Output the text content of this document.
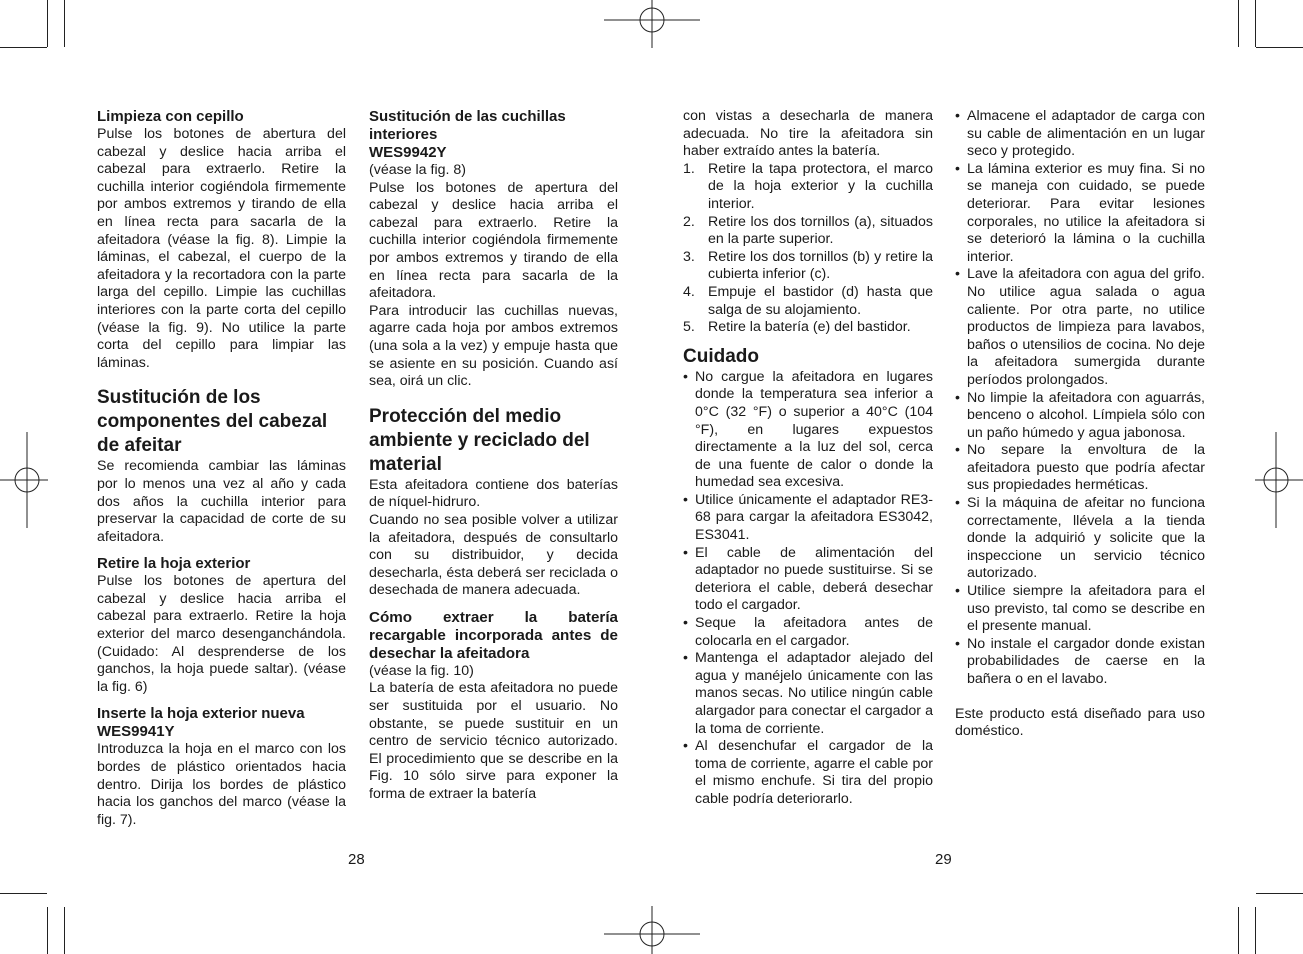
Limpieza con cepillo

Pulse los botones de abertura del cabezal y deslice hacia arriba el cabezal para extraerlo. Retire la cuchilla interior cogiéndola firmemente por ambos extremos y tirando de ella en línea recta para sacarla de la afeitadora (véase la fig. 8). Limpie la láminas, el cabezal, el cuerpo de la afeitadora y la recortadora con la parte larga del cepillo. Limpie las cuchillas interiores con la parte corta del cepillo (véase la fig. 9). No utilice la parte corta del cepillo para limpiar las láminas.

Sustitución de los componentes del cabezal de afeitar

Se recomienda cambiar las láminas por lo menos una vez al año y cada dos años la cuchilla interior para preservar la capacidad de corte de su afeitadora.

Retire la hoja exterior

Pulse los botones de apertura del cabezal y deslice hacia arriba el cabezal para extraerlo. Retire la hoja exterior del marco desenganchándola. (Cuidado: Al desprenderse de los ganchos, la hoja puede saltar). (véase la fig. 6)

Inserte la hoja exterior nueva
WES9941Y

Introduzca la hoja en el marco con los bordes de plástico orientados hacia dentro. Dirija los bordes de plástico hacia los ganchos del marco (véase la fig. 7).

Sustitución de las cuchillas interiores
WES9942Y

(véase la fig. 8)

Pulse los botones de apertura del cabezal y deslice hacia arriba el cabezal para extraerlo. Retire la cuchilla interior cogiéndola firmemente por ambos extremos y tirando de ella en línea recta para sacarla de la afeitadora.

Para introducir las cuchillas nuevas, agarre cada hoja por ambos extremos (una sola a la vez) y empuje hasta que se asiente en su posición. Cuando así sea, oirá un clic.

Protección del medio ambiente y reciclado del material

Esta afeitadora contiene dos baterías de níquel-hidruro.

Cuando no sea posible volver a utilizar la afeitadora, después de consultarlo con su distribuidor, y decida desecharla, ésta deberá ser reciclada o desechada de manera adecuada.

Cómo extraer la batería recargable incorporada antes de desechar la afeitadora

(véase la fig. 10)

La batería de esta afeitadora no puede ser sustituida por el usuario. No obstante, se puede sustituir en un centro de servicio técnico autorizado. El procedimiento que se describe en la Fig. 10 sólo sirve para exponer la forma de extraer la batería

28

con vistas a desecharla de manera adecuada. No tire la afeitadora sin haber extraído antes la batería.

1. Retire la tapa protectora, el marco de la hoja exterior y la cuchilla interior.
2. Retire los dos tornillos (a), situados en la parte superior.
3. Retire los dos tornillos (b) y retire la cubierta inferior (c).
4. Empuje el bastidor (d) hasta que salga de su alojamiento.
5. Retire la batería (e) del bastidor.
Cuidado
• No cargue la afeitadora en lugares donde la temperatura sea inferior a 0°C (32 °F) o superior a 40°C (104 °F), en lugares expuestos directamente a la luz del sol, cerca de una fuente de calor o donde la humedad sea excesiva.
• Utilice únicamente el adaptador RE3-68 para cargar la afeitadora ES3042, ES3041.
• El cable de alimentación del adaptador no puede sustituirse. Si se deteriora el cable, deberá desechar todo el cargador.
• Seque la afeitadora antes de colocarla en el cargador.
• Mantenga el adaptador alejado del agua y manéjelo únicamente con las manos secas. No utilice ningún cable alargador para conectar el cargador a la toma de corriente.
• Al desenchufar el cargador de la toma de corriente, agarre el cable por el mismo enchufe. Si tira del propio cable podría deteriorarlo.
• Almacene el adaptador de carga con su cable de alimentación en un lugar seco y protegido.
• La lámina exterior es muy fina. Si no se maneja con cuidado, se puede deteriorar. Para evitar lesiones corporales, no utilice la afeitadora si se deterioró la lámina o la cuchilla interior.
• Lave la afeitadora con agua del grifo. No utilice agua salada o agua caliente. Por otra parte, no utilice productos de limpieza para lavabos, baños o utensilios de cocina. No deje la afeitadora sumergida durante períodos prolongados.
• No limpie la afeitadora con aguarrás, benceno o alcohol. Límpiela sólo con un paño húmedo y agua jabonosa.
• No separe la envoltura de la afeitadora puesto que podría afectar sus propiedades herméticas.
• Si la máquina de afeitar no funciona correctamente, llévela a la tienda donde la adquirió y solicite que la inspeccione un servicio técnico autorizado.
• Utilice siempre la afeitadora para el uso previsto, tal como se describe en el presente manual.
• No instale el cargador donde existan probabilidades de caerse en la bañera o en el lavabo.

Este producto está diseñado para uso doméstico.

29
